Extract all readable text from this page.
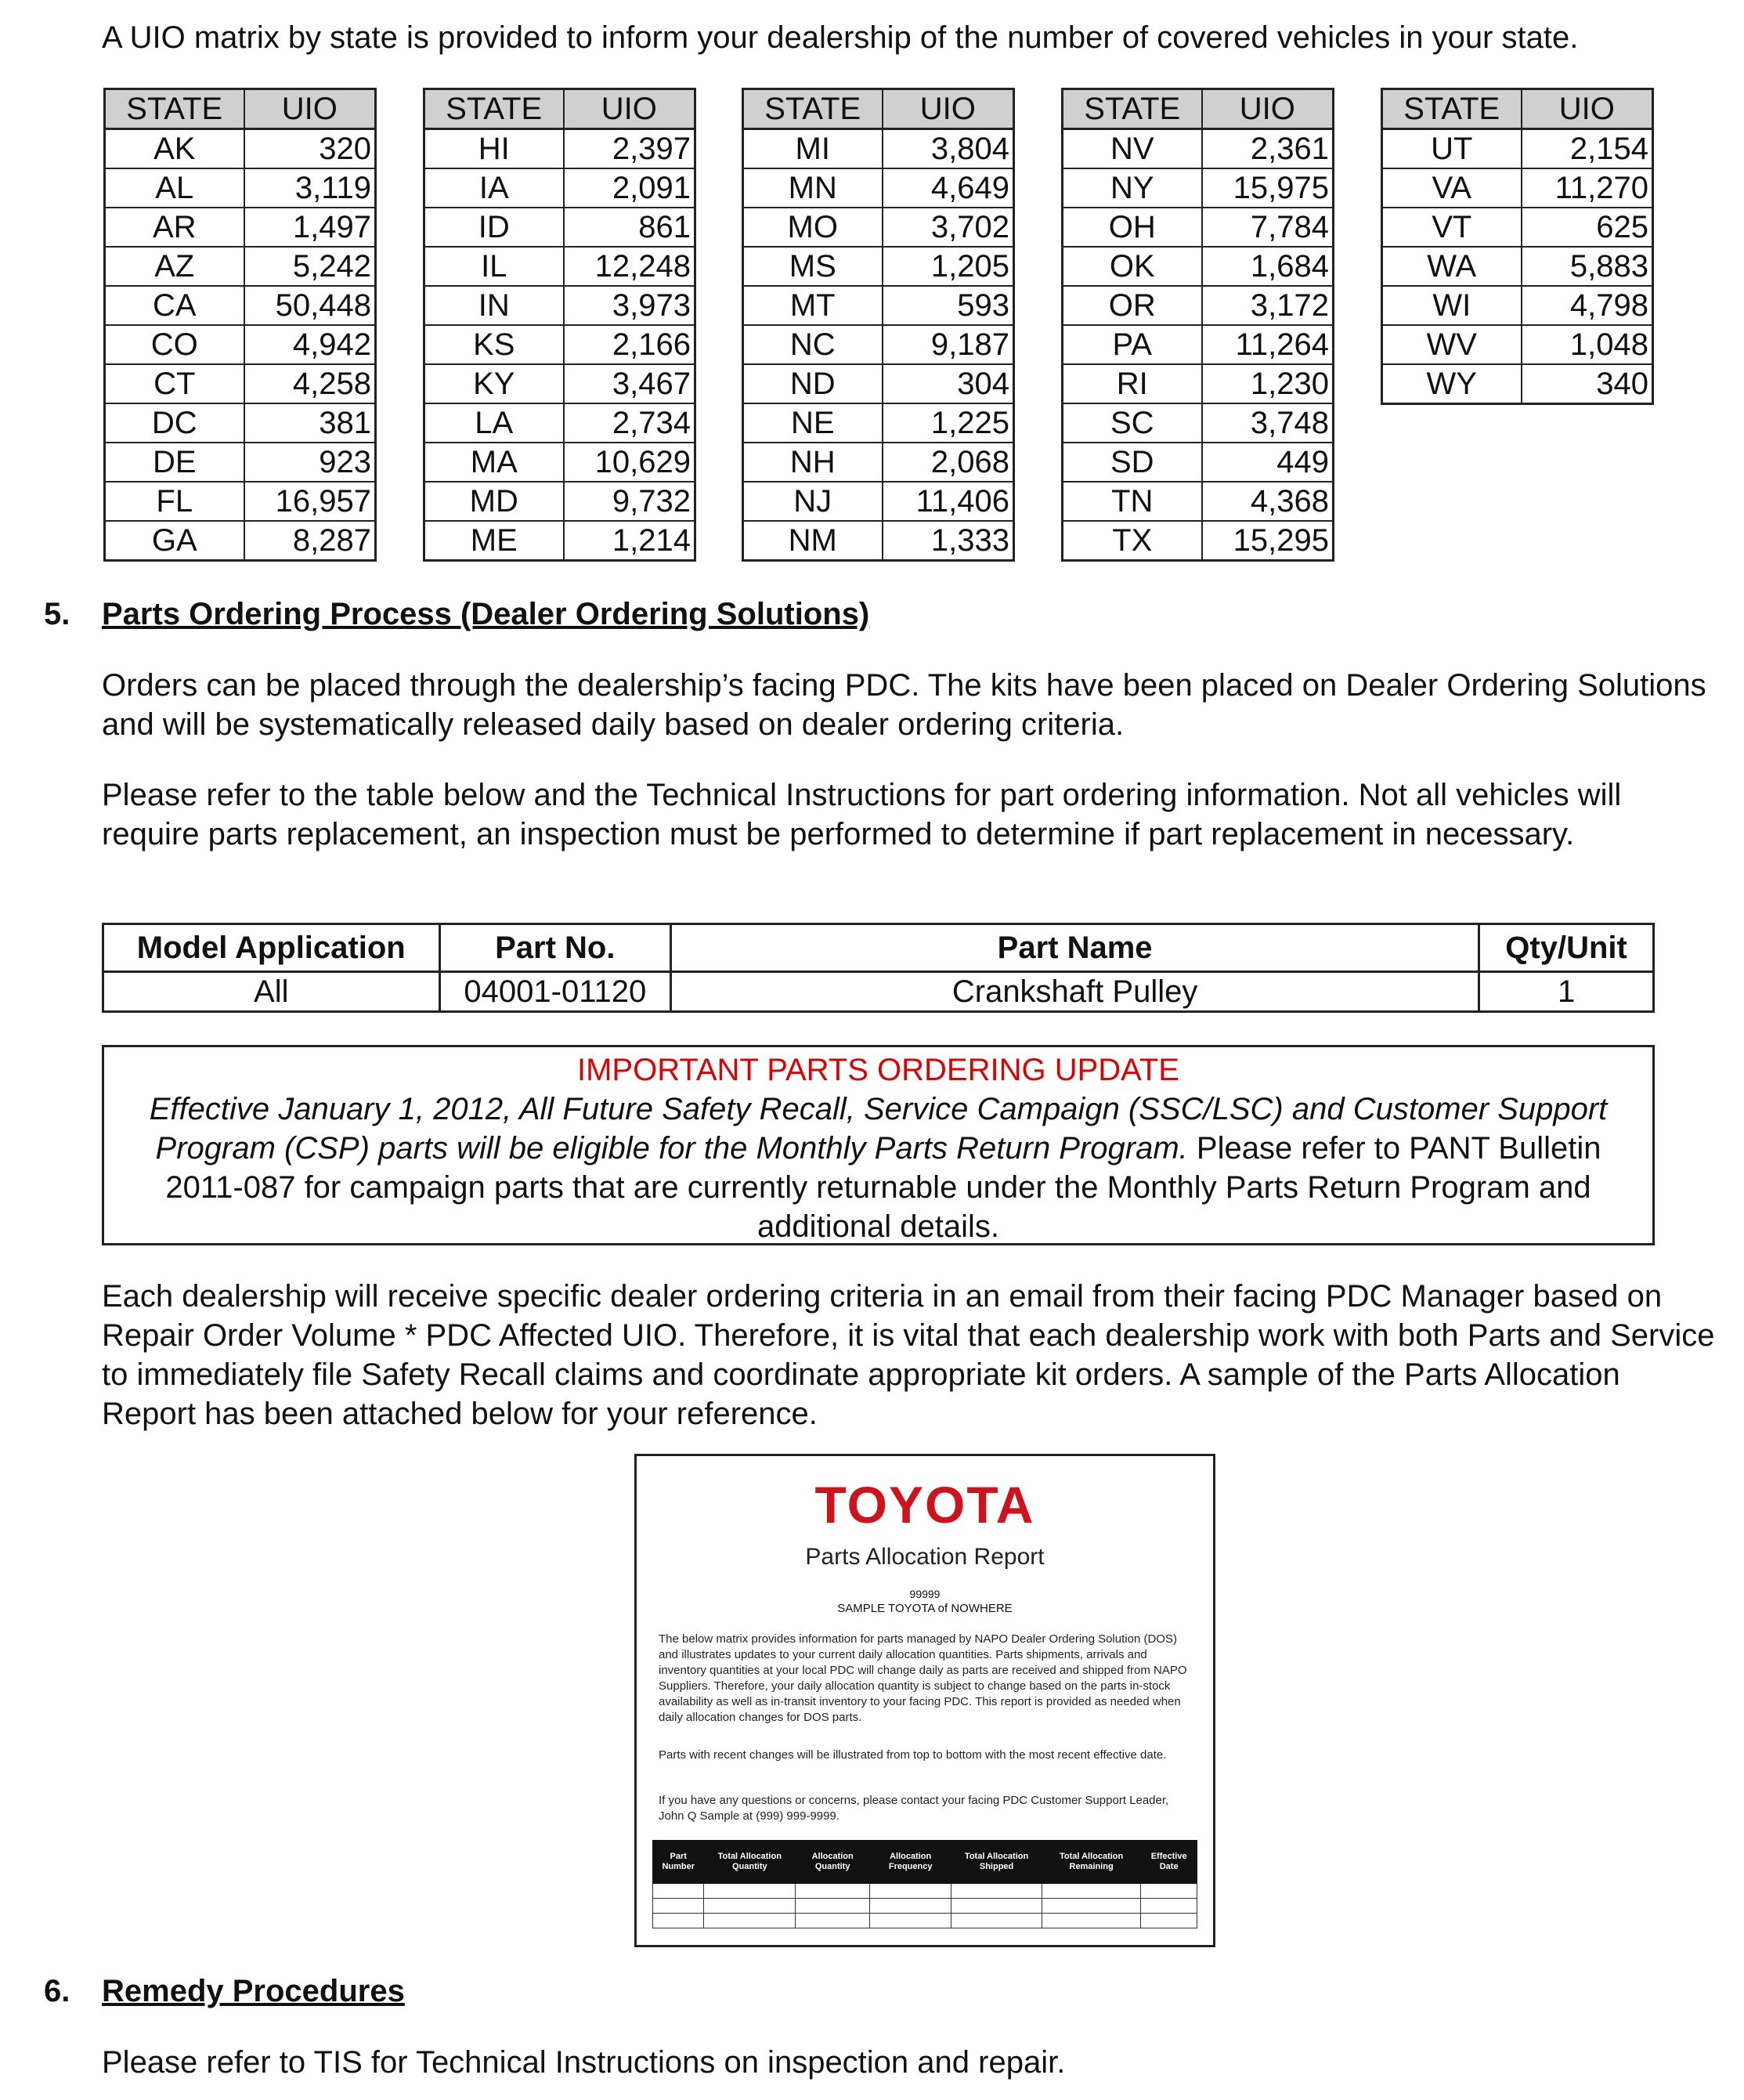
A UIO matrix by state is provided to inform your dealership of the number of covered vehicles in your state.
STATE	UIO
AK	320
AL	3,119
AR	1,497
AZ	5,242
CA	50,448
CO	4,942
CT	4,258
DC	381
DE	923
FL	16,957
GA	8,287
STATE	UIO
HI	2,397
IA	2,091
ID	861
IL	12,248
IN	3,973
KS	2,166
KY	3,467
LA	2,734
MA	10,629
MD	9,732
ME	1,214
STATE	UIO
MI	3,804
MN	4,649
MO	3,702
MS	1,205
MT	593
NC	9,187
ND	304
NE	1,225
NH	2,068
NJ	11,406
NM	1,333
STATE	UIO
NV	2,361
NY	15,975
OH	7,784
OK	1,684
OR	3,172
PA	11,264
RI	1,230
SC	3,748
SD	449
TN	4,368
TX	15,295
STATE	UIO
UT	2,154
VA	11,270
VT	625
WA	5,883
WI	4,798
WV	1,048
WY	340
5. Parts Ordering Process (Dealer Ordering Solutions)
Orders can be placed through the dealership’s facing PDC. The kits have been placed on Dealer Ordering Solutions and will be systematically released daily based on dealer ordering criteria.
Please refer to the table below and the Technical Instructions for part ordering information. Not all vehicles will require parts replacement, an inspection must be performed to determine if part replacement in necessary.
Model Application	Part No.	Part Name	Qty/Unit
All	04001-01120	Crankshaft Pulley	1
IMPORTANT PARTS ORDERING UPDATE
Effective January 1, 2012, All Future Safety Recall, Service Campaign (SSC/LSC) and Customer Support Program (CSP) parts will be eligible for the Monthly Parts Return Program. Please refer to PANT Bulletin 2011-087 for campaign parts that are currently returnable under the Monthly Parts Return Program and additional details.
Each dealership will receive specific dealer ordering criteria in an email from their facing PDC Manager based on Repair Order Volume * PDC Affected UIO. Therefore, it is vital that each dealership work with both Parts and Service to immediately file Safety Recall claims and coordinate appropriate kit orders. A sample of the Parts Allocation Report has been attached below for your reference.
TOYOTA
Parts Allocation Report
99999
SAMPLE TOYOTA of NOWHERE
The below matrix provides information for parts managed by NAPO Dealer Ordering Solution (DOS) and illustrates updates to your current daily allocation quantities. Parts shipments, arrivals and inventory quantities at your local PDC will change daily as parts are received and shipped from NAPO Suppliers. Therefore, your daily allocation quantity is subject to change based on the parts in-stock availability as well as in-transit inventory to your facing PDC. This report is provided as needed when daily allocation changes for DOS parts.
Parts with recent changes will be illustrated from top to bottom with the most recent effective date.
If you have any questions or concerns, please contact your facing PDC Customer Support Leader, John Q Sample at (999) 999-9999.
Part Number	Total Allocation Quantity	Allocation Quantity	Allocation Frequency	Total Allocation Shipped	Total Allocation Remaining	Effective Date

6. Remedy Procedures
Please refer to TIS for Technical Instructions on inspection and repair.
